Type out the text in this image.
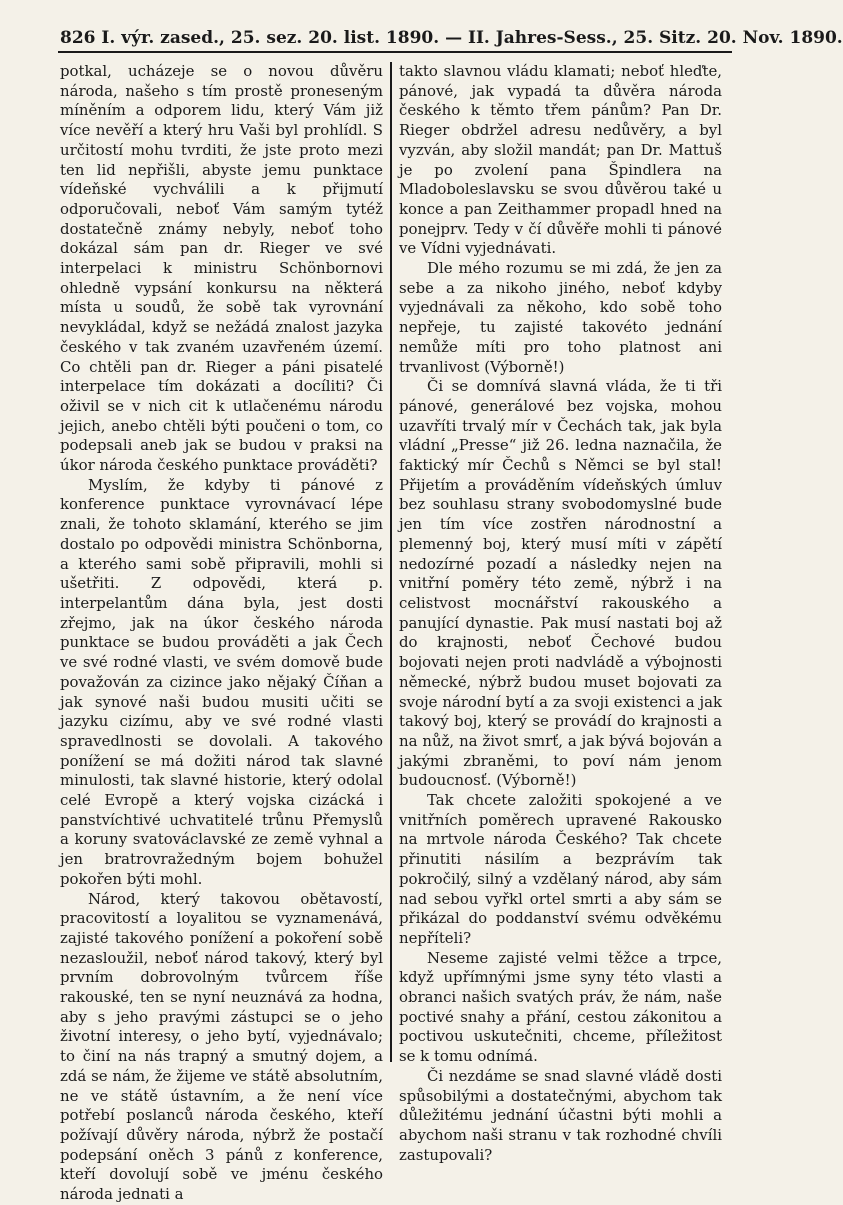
826 I. výr. zased., 25. sez. 20. list. 1890. — II. Jahres-Sess., 25. Sitz. 20. Nov. 1890.

potkal, ucházeje se o novou důvěru národa, našeho s tím prostě proneseným míněním a odporem lidu, který Vám již více nevěří a který hru Vaši byl prohlídl. S určitostí mohu tvrditi, že jste proto mezi ten lid nepřišli, abyste jemu punktace vídeňské vychválili a k přijmutí odporučovali, neboť Vám samým tytéž dostatečně známy nebyly, neboť toho dokázal sám pan dr. Rieger ve své interpelaci k ministru Schönbornovi ohledně vypsání konkursu na některá místa u soudů, že sobě tak vyrovnání nevykládal, když se nežádá znalost jazyka českého v tak zvaném uzavřeném území. Co chtěli pan dr. Rieger a páni pisatelé interpelace tím dokázati a docíliti? Či oživil se v nich cit k utlačenému národu jejich, anebo chtěli býti poučeni o tom, co podepsali aneb jak se budou v praksi na úkor národa českého punktace prováděti?

Myslím, že kdyby ti pánové z konference punktace vyrovnávací lépe znali, že tohoto sklamání, kterého se jim dostalo po odpovědi ministra Schönborna, a kterého sami sobě připravili, mohli si ušetřiti. Z odpovědi, která p. interpelantům dána byla, jest dosti zřejmo, jak na úkor českého národa punktace se budou prováděti a jak Čech ve své rodné vlasti, ve svém domově bude považován za cizince jako nějaký Číňan a jak synové naši budou musiti učiti se jazyku cizímu, aby ve své rodné vlasti spravedlnosti se dovolali. A takového ponížení se má dožiti národ tak slavné minulosti, tak slavné historie, který odolal celé Evropě a který vojska cizácká i panstvíchtivé uchvatitelé trůnu Přemyslů a koruny svatováclavské ze země vyhnal a jen bratrovražedným bojem bohužel pokořen býti mohl.

Národ, který takovou obětavostí, pracovitostí a loyalitou se vyznamenává, zajisté takového ponížení a pokoření sobě nezasloužil, neboť národ takový, který byl prvním dobrovolným tvůrcem říše rakouské, ten se nyní neuznává za hodna, aby s jeho pravými zástupci se o jeho životní interesy, o jeho bytí, vyjednávalo; to činí na nás trapný a smutný dojem, a zdá se nám, že žijeme ve státě absolutním, ne ve státě ústavním, a že není více potřebí poslanců národa českého, kteří požívají důvěry národa, nýbrž že postačí podepsání oněch 3 pánů z konference, kteří dovolují sobě ve jménu českého národa jednati a

takto slavnou vládu klamati; neboť hleďte, pánové, jak vypadá ta důvěra národa českého k těmto třem pánům? Pan Dr. Rieger obdržel adresu nedůvěry, a byl vyzván, aby složil mandát; pan Dr. Mattuš je po zvolení pana Špindlera na Mladoboleslavsku se svou důvěrou také u konce a pan Zeithammer propadl hned na ponejprv. Tedy v čí důvěře mohli ti pánové ve Vídni vyjednávati.

Dle mého rozumu se mi zdá, že jen za sebe a za nikoho jiného, neboť kdyby vyjednávali za někoho, kdo sobě toho nepřeje, tu zajisté takovéto jednání nemůže míti pro toho platnost ani trvanlivost (Výborně!)

Či se domnívá slavná vláda, že ti tři pánové, generálové bez vojska, mohou uzavříti trvalý mír v Čechách tak, jak byla vládní „Presse“ již 26. ledna naznačila, že faktický mír Čechů s Němci se byl stal! Přijetím a prováděním vídeňských úmluv bez souhlasu strany svobodomyslné bude jen tím více zostřen národnostní a plemenný boj, který musí míti v zápětí nedozírné pozadí a následky nejen na vnitřní poměry této země, nýbrž i na celistvost mocnářství rakouského a panující dynastie. Pak musí nastati boj až do krajnosti, neboť Čechové budou bojovati nejen proti nadvládě a výbojnosti německé, nýbrž budou muset bojovati za svoje národní bytí a za svoji existenci a jak takový boj, který se provádí do krajnosti a na nůž, na život smrť, a jak bývá bojován a jakými zbraněmi, to poví nám jenom budoucnosť. (Výborně!)

Tak chcete založiti spokojené a ve vnitřních poměrech upravené Rakousko na mrtvole národa Českého? Tak chcete přinutiti násilím a bezprávím tak pokročilý, silný a vzdělaný národ, aby sám nad sebou vyřkl ortel smrti a aby sám se přikázal do poddanství svému odvěkému nepříteli?

Neseme zajisté velmi těžce a trpce, když upřímnými jsme syny této vlasti a obranci našich svatých práv, že nám, naše poctivé snahy a přání, cestou zákonitou a poctivou uskutečniti, chceme, příležitost se k tomu odnímá.

Či nezdáme se snad slavné vládě dosti spůsobilými a dostatečnými, abychom tak důležitému jednání účastni býti mohli a abychom naši stranu v tak rozhodné chvíli zastupovali?
